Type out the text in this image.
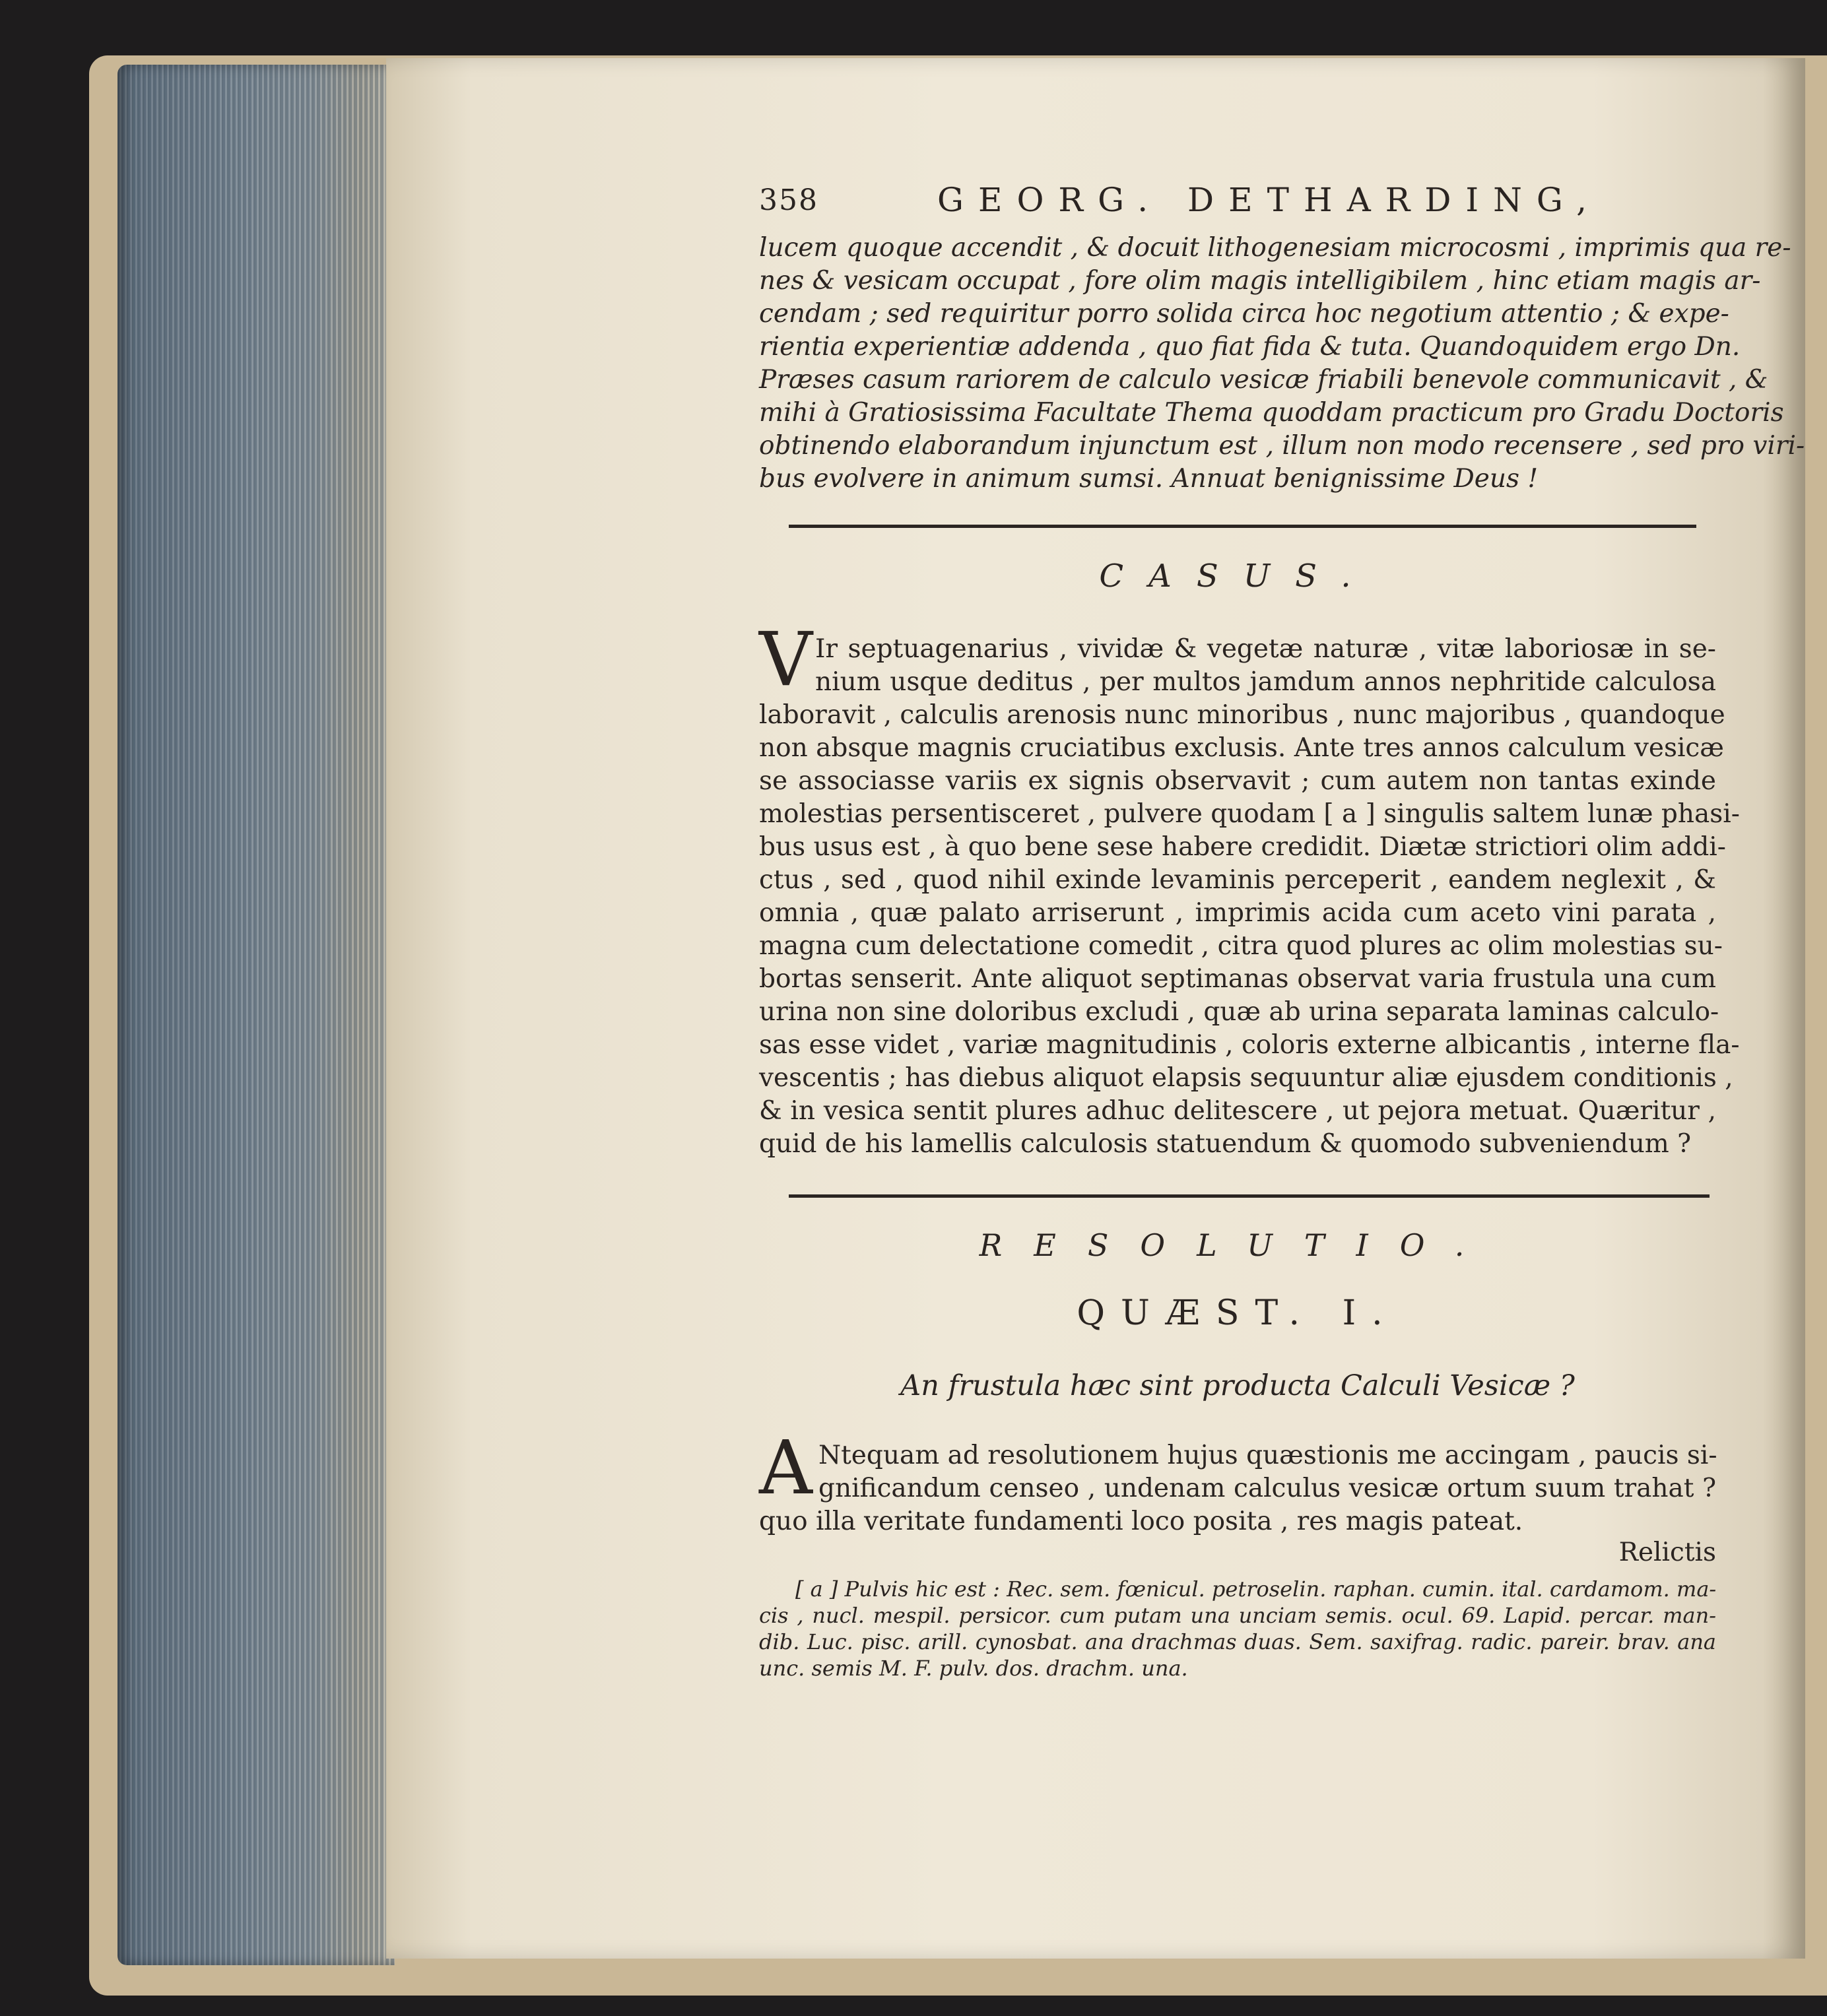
358	GEORG. DETHARDING,
lucem quoque accendit , & docuit lithogenesiam microcosmi , imprimis qua re-
nes & vesicam occupat , fore olim magis intelligibilem , hinc etiam magis ar-
cendam ; sed requiritur porro solida circa hoc negotium attentio ; & expe-
rientia experientiæ addenda , quo fiat fida & tuta. Quandoquidem ergo Dn.
Præses casum rariorem de calculo vesicæ friabili benevole communicavit , &
mihi à Gratiosissima Facultate Thema quoddam practicum pro Gradu Doctoris
obtinendo elaborandum injunctum est , illum non modo recensere , sed pro viri-
bus evolvere in animum sumsi. Annuat benignissime Deus !
CASUS.
V Ir septuagenarius , vividæ & vegetæ naturæ , vitæ laboriosæ in se-
nium usque deditus , per multos jamdum annos nephritide calculosa
laboravit , calculis arenosis nunc minoribus , nunc majoribus , quandoque
non absque magnis cruciatibus exclusis. Ante tres annos calculum vesicæ
se associasse variis ex signis observavit ; cum autem non tantas exinde
molestias persentisceret , pulvere quodam [ a ] singulis saltem lunæ phasi-
bus usus est , à quo bene sese habere credidit. Diætæ strictiori olim addi-
ctus , sed , quod nihil exinde levaminis perceperit , eandem neglexit , &
omnia , quæ palato arriserunt , imprimis acida cum aceto vini parata ,
magna cum delectatione comedit , citra quod plures ac olim molestias su-
bortas senserit. Ante aliquot septimanas observat varia frustula una cum
urina non sine doloribus excludi , quæ ab urina separata laminas calculo-
sas esse videt , variæ magnitudinis , coloris externe albicantis , interne fla-
vescentis ; has diebus aliquot elapsis sequuntur aliæ ejusdem conditionis ,
& in vesica sentit plures adhuc delitescere , ut pejora metuat. Quæritur ,
quid de his lamellis calculosis statuendum & quomodo subveniendum ?
RESOLUTIO.
QUÆST. I.
An frustula hæc sint producta Calculi Vesicæ ?
A Ntequam ad resolutionem hujus quæstionis me accingam , paucis si-
gnificandum censeo , undenam calculus vesicæ ortum suum trahat ?
quo illa veritate fundamenti loco posita , res magis pateat.
Relictis
[ a ] Pulvis hic est : Rec. sem. fœnicul. petroselin. raphan. cumin. ital. cardamom. ma-
cis , nucl. mespil. persicor. cum putam una unciam semis. ocul. 69. Lapid. percar. man-
dib. Luc. pisc. arill. cynosbat. ana drachmas duas. Sem. saxifrag. radic. pareir. brav. ana
unc. semis M. F. pulv. dos. drachm. una.
